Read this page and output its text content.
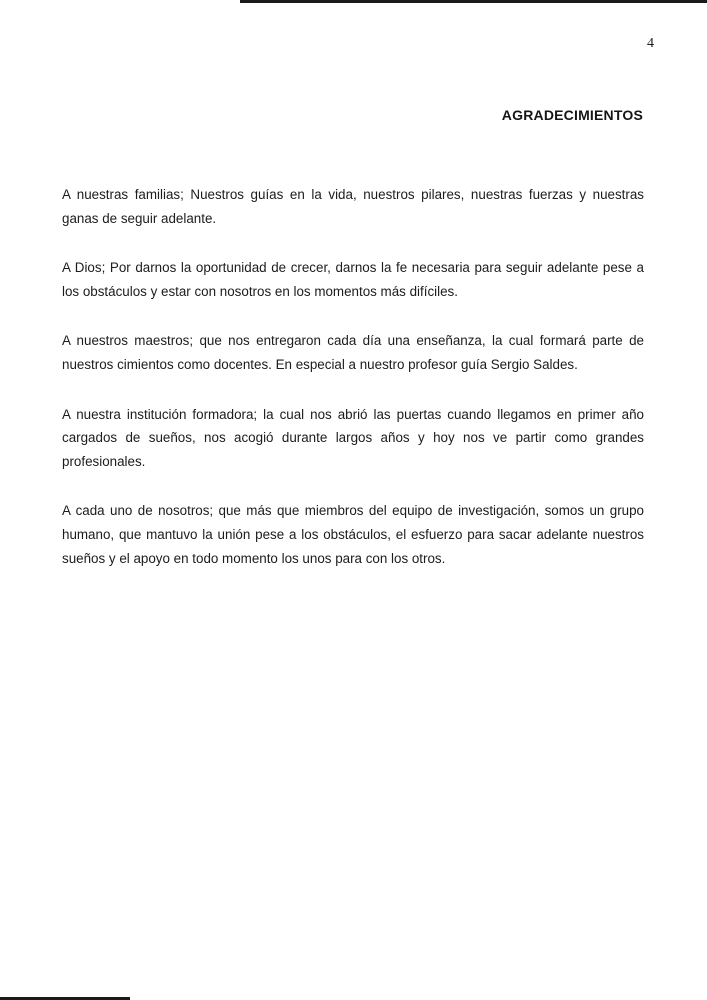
4
AGRADECIMIENTOS

A nuestras familias; Nuestros guías en la vida, nuestros pilares, nuestras fuerzas y nuestras ganas de seguir adelante.

A Dios; Por darnos la oportunidad de crecer, darnos la fe necesaria para seguir adelante pese a los obstáculos y estar con nosotros en los momentos más difíciles.

A nuestros maestros; que nos entregaron cada día una enseñanza, la cual formará parte de nuestros cimientos como docentes. En especial a nuestro profesor guía Sergio Saldes.

A nuestra institución formadora; la cual nos abrió las puertas cuando llegamos en primer año cargados de sueños, nos acogió durante largos años y hoy nos ve partir como grandes profesionales.

A cada uno de nosotros; que más que miembros del equipo de investigación, somos un grupo humano, que mantuvo la unión pese a los obstáculos, el esfuerzo para sacar adelante nuestros sueños y el apoyo en todo momento los unos para con los otros.
